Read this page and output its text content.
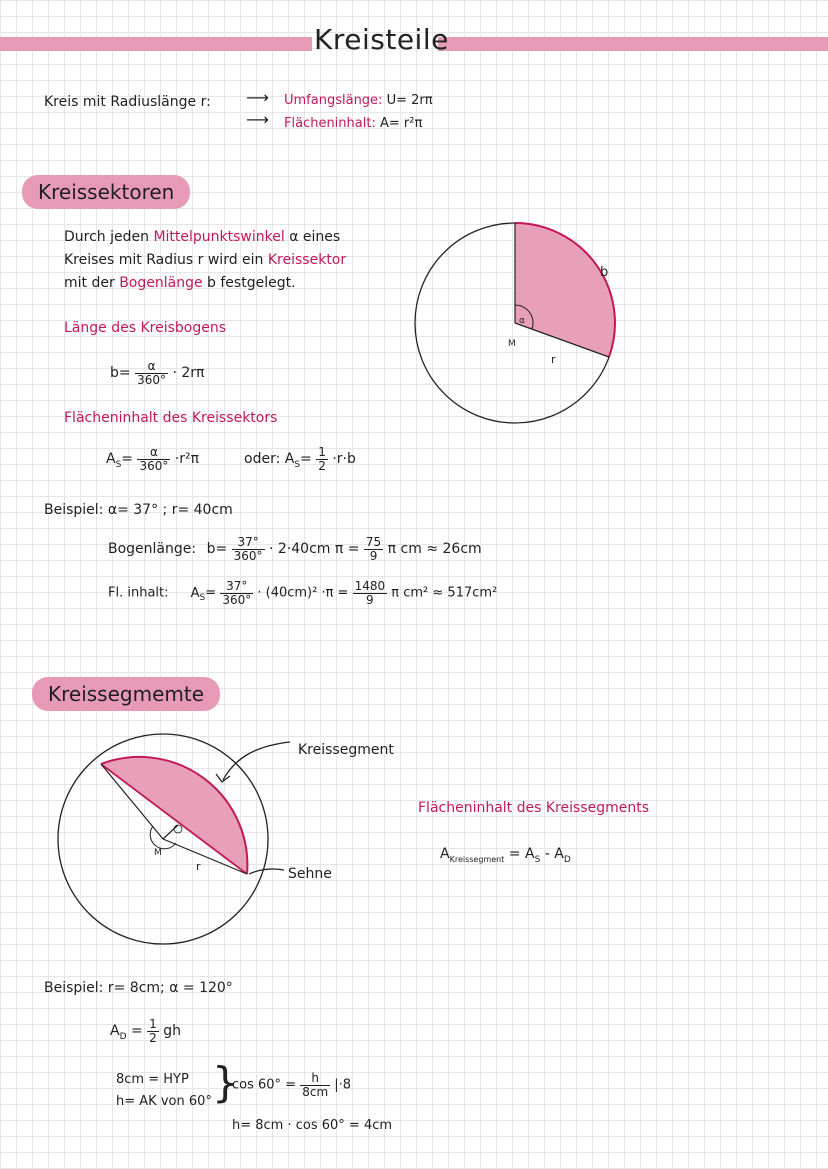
Kreisteile
Kreis mit Radiuslänge r: ⟶
⟶
Umfangslänge: U= 2rπ
Flächeninhalt: A= r²π
Kreissektoren
Durch jeden Mittelpunktswinkel α eines
Kreises mit Radius r wird ein Kreissektor
mit der Bogenlänge b festgelegt.
Länge des Kreisbogens
$b= \frac{\alpha}{360^\circ} \cdot 2r\pi$
Flächeninhalt des Kreissektors
$A_S= \frac{\alpha}{360^\circ} \cdot r^2\pi$	oder: $A_S= \frac{1}{2} \cdot r\cdot b$
α
M
r
b
Beispiel: α= 37° ; r= 40cm
Bogenlänge: $b= \frac{37^\circ}{360^\circ} \cdot 2\cdot 40cm$ $\pi = \frac{75}{9}$ π cm ≈ 26cm
Fl. inhalt: $A_S= \frac{37^\circ}{360^\circ} \cdot (40cm)^2 \cdot\pi = \frac{1480}{9}$ π cm² ≈ 517cm²
Kreissegmemte
M
r
Kreissegment
Sehne
Flächeninhalt des Kreissegments
$A_{Kreissegment} = A_S - A_D$
Beispiel: r= 8cm; α = 120°
$A_D = \frac{1}{2}$ gh
8cm = HYP
h= AK von 60° }
$\cos 60^\circ = \frac{h}{8cm} |\cdot 8$
h= 8cm · cos 60° = 4cm
